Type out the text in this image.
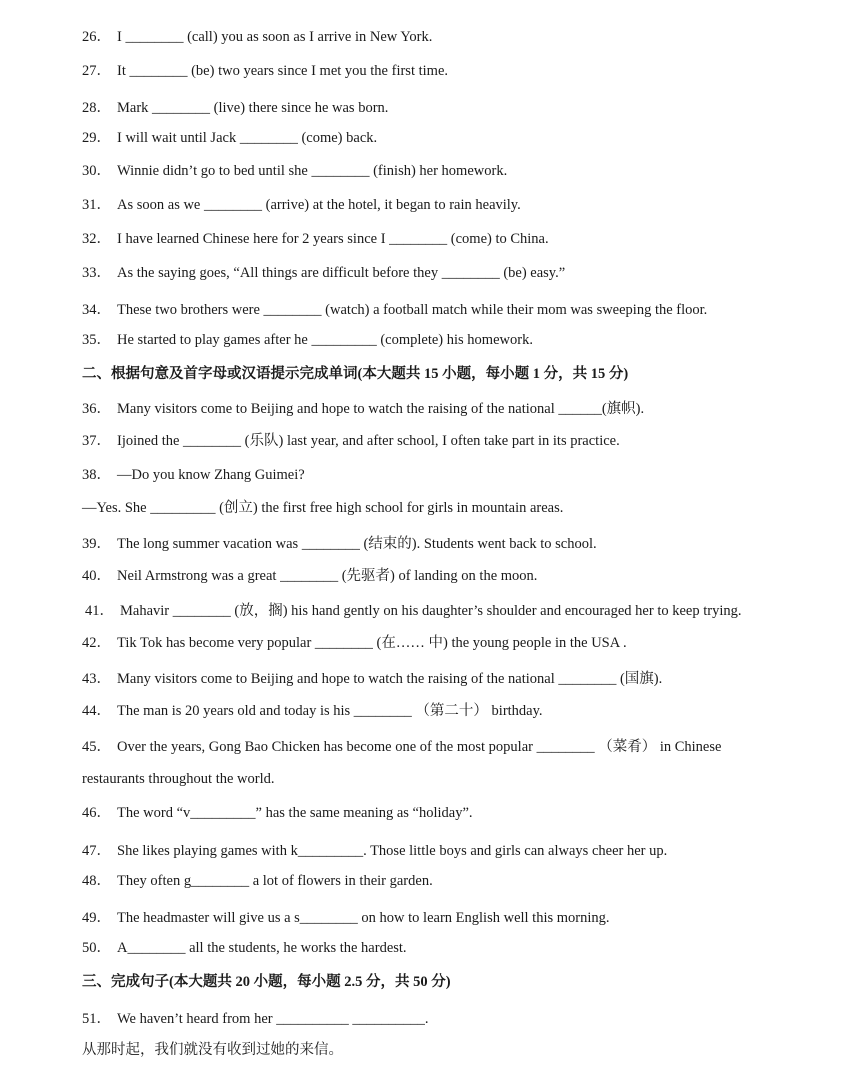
26． I ________ (call) you as soon as I arrive in New York.
27． It ________ (be) two years since I met you the first time.
28． Mark ________ (live) there since he was born.
29． I will wait until Jack ________ (come) back.
30． Winnie didn’t go to bed until she ________ (finish) her homework.
31． As soon as we ________ (arrive) at the hotel, it began to rain heavily.
32． I have learned Chinese here for 2 years since I ________ (come) to China.
33． As the saying goes, “All things are difficult before they ________ (be) easy.”
34． These two brothers were ________ (watch) a football match while their mom was sweeping the floor.
35． He started to play games after he _________ (complete) his homework.
二、根据句意及首字母或汉语提示完成单词(本大题共 15 小题，每小题 1 分，共 15 分)
36． Many visitors come to Beijing and hope to watch the raising of the national ______(旗帜).
37． Ijoined the ________ (乐队) last year, and after school, I often take part in its practice.
38． —Do you know Zhang Guimei?
—Yes. She _________ (创立) the first free high school for girls in mountain areas.
39． The long summer vacation was ________ (结束的). Students went back to school.
40． Neil Armstrong was a great ________ (先驱者) of landing on the moon.
41． Mahavir ________ (放，搁) his hand gently on his daughter’s shoulder and encouraged her to keep trying.
42． Tik Tok has become very popular ________ (在…… 中) the young people in the USA .
43． Many visitors come to Beijing and hope to watch the raising of the national ________ (国旗).
44． The man is 20 years old and today is his ________ （第二十） birthday.
45． Over the years, Gong Bao Chicken has become one of the most popular ________ （菜肴） in Chinese
restaurants throughout the world.
46． The word “v_________” has the same meaning as “holiday”.
47． She likes playing games with k_________. Those little boys and girls can always cheer her up.
48． They often g________ a lot of flowers in their garden.
49． The headmaster will give us a s________ on how to learn English well this morning.
50． A________ all the students, he works the hardest.
三、完成句子(本大题共 20 小题，每小题 2.5 分，共 50 分)
51． We haven’t heard from her __________ __________.
从那时起，我们就没有收到过她的来信。
